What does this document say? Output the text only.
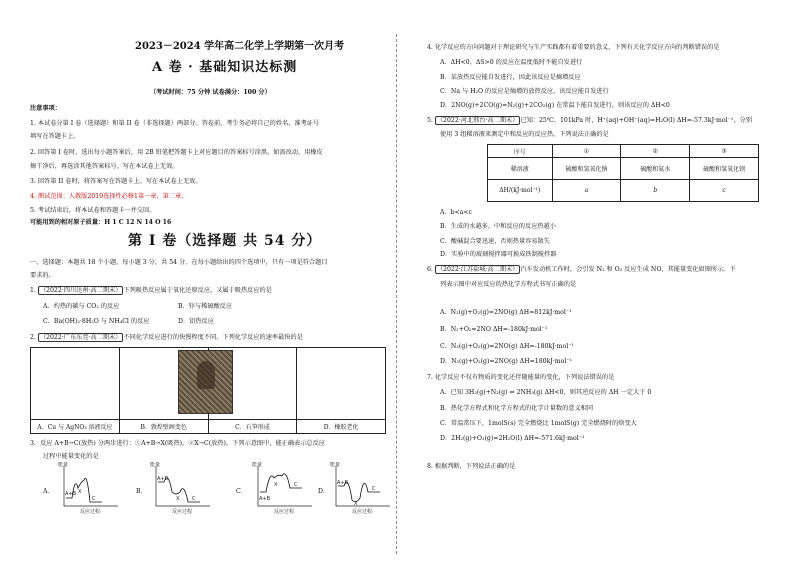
2023－2024 学年高二化学上学期第一次月考
A 卷 · 基础知识达标测
（考试时间：75 分钟 试卷满分：100 分）
注意事项：
1. 本试卷分第 I 卷（选择题）和第 II 卷（非选择题）两部分。答卷前，考生务必将自己的姓名、准考证号
填写在答题卡上。
2. 回答第 I 卷时，选出每小题答案后，用 2B 铅笔把答题卡上对应题目的答案标号涂黑。如需改动，用橡皮
擦干净后，再选涂其他答案标号。写在本试卷上无效。
3. 回答第 II 卷时，将答案写在答题卡上。写在本试卷上无效。
4. 测试范围：人教版2019选择性必修1第一章、第二章。
5. 考试结束后，将本试卷和答题卡一并交回。
可能用到的相对原子质量：H 1 C 12 N 14 O 16
第 I 卷（选择题 共 54 分）
一、选择题：本题共 18 个小题，每小题 3 分，共 54 分。在每小题给出的四个选项中，只有一项是符合题目
要求的。
1. （2022·四川达州·高二期末） 下列吸热反应属于氧化还原反应，又属于吸热反应的是
A．灼热的碳与 CO₂ 的反应	B．锌与稀硫酸反应
C．Ba(OH)₂·8H₂O 与 NH₄Cl 的反应	D．铝热反应
2. （2022·广东东莞·高二期末） 不同化学反应进行的快慢程度不同。下列化学反应的速率最快的是

A．Cu 与 AgNO₃ 溶液反应	B．敦煌壁画变色	C．石笋形成	D．橡胶老化
3．反应 A+B→C(放热) 分两步进行：①A+B→X(吸热)，②X→C(放热)。下列示意图中，能正确表示总反应
过程中能量变化的是
A．	B．	C．	D．
能量
A+B X
C
反应过程
能量
A+B
X	C
反应过程
能量
A+B
X	C
反应过程
能量
A+B
X
C
反应过程
4. 化学反应的方向问题对于理论研究与生产实践都有着重要的意义，下列有关化学反应方向的判断错误的是
A．ΔH<0、ΔS>0 的反应在温度低时不能自发进行
B．某放热反应能自发进行，因此该反应是熵增反应
C．Na 与 H₂O 的反应是熵增的放热反应，该反应能自发进行
D．2NO(g)+2CO(g)=N₂(g)+2CO₂(g) 在常温下能自发进行，则该反应的 ΔH<0
5. （2022·河北邢台·高二期末） 已知：25℃、101kPa 时，H⁺(aq)+OH⁻(aq)=H₂O(l) ΔH=-57.3kJ·mol⁻¹，分别
使用 3 组稀溶液来测定中和反应的反应热，下列说法正确的是
序号	①	②	③
稀溶液	硫酸和氢氧化钠	硫酸和氨水	硫酸和氢氧化钡
ΔH/(kJ·mol⁻¹)	a	b	c
A．b<a<c
B．生成的水越多，中和反应的反应热越小
C．酸碱混合要迅速，否则热量容易散失
D．实验中的玻璃搅拌器可换成铁制搅拌器
6. （2022·江苏盐城·高二期末） 汽车发动机工作时，会引发 N₂ 和 O₂ 反应生成 NO，其能量变化如图所示。下
列表示图中对应反应的热化学方程式书写正确的是
A．N₂(g)+O₂(g)=2NO(g) ΔH=812kJ·mol⁻¹
B．N₂+O₂=2NO ΔH=-180kJ·mol⁻¹
C．N₂(g)+O₂(g)=2NO(g) ΔH=-180kJ·mol⁻¹
D．N₂(g)+O₂(g)=2NO(g) ΔH=180kJ·mol⁻¹
7. 化学反应不仅有物质的变化还伴随能量的变化，下列说法错误的是
A．已知 3H₂(g)+N₂(g) ⇌ 2NH₃(g) ΔH<0，则其逆反应的 ΔH 一定大于 0
B．热化学方程式和化学方程式的化学计量数的意义相同
C．常温常压下，1molS(s) 完全燃烧比 1molS(g) 完全燃烧时的焓变大
D．2H₂(g)+O₂(g)=2H₂O(l) ΔH=-571.6kJ·mol⁻¹
8. 根据判断，下列说法正确的是
